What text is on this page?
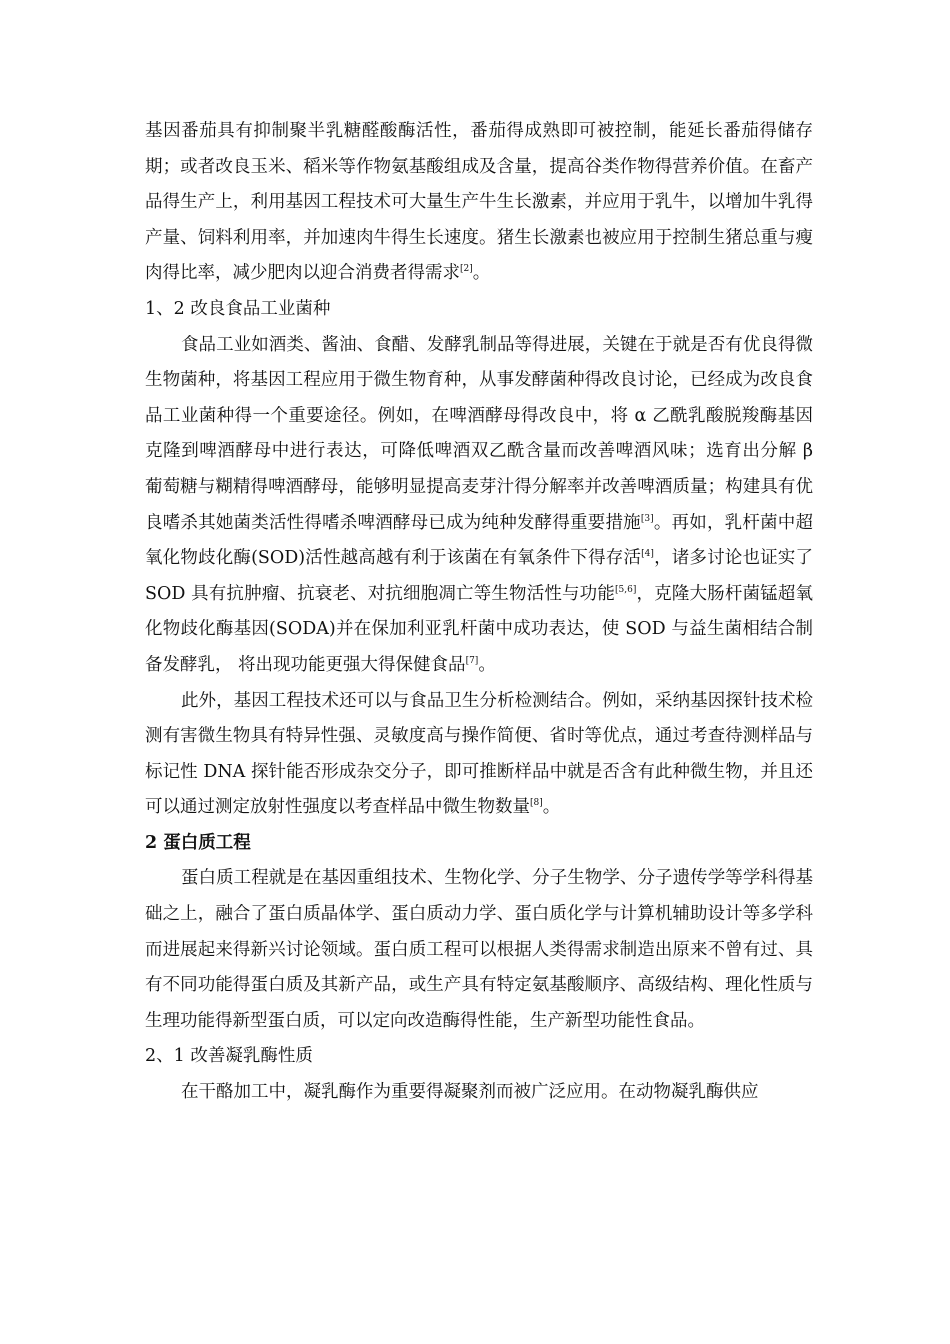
基因番茄具有抑制聚半乳糖醛酸酶活性，番茄得成熟即可被控制，能延长番茄得储存期；或者改良玉米、稻米等作物氨基酸组成及含量，提高谷类作物得营养价值。在畜产品得生产上，利用基因工程技术可大量生产牛生长激素，并应用于乳牛，以增加牛乳得产量、饲料利用率，并加速肉牛得生长速度。猪生长激素也被应用于控制生猪总重与瘦肉得比率，减少肥肉以迎合消费者得需求[2]。

1、2 改良食品工业菌种

食品工业如酒类、酱油、食醋、发酵乳制品等得进展，关键在于就是否有优良得微生物菌种，将基因工程应用于微生物育种，从事发酵菌种得改良讨论，已经成为改良食品工业菌种得一个重要途径。例如，在啤酒酵母得改良中，将 α 乙酰乳酸脱羧酶基因克隆到啤酒酵母中进行表达，可降低啤酒双乙酰含量而改善啤酒风味；选育出分解 β 葡萄糖与糊精得啤酒酵母，能够明显提高麦芽汁得分解率并改善啤酒质量；构建具有优良嗜杀其她菌类活性得嗜杀啤酒酵母已成为纯种发酵得重要措施[3]。再如，乳杆菌中超氧化物歧化酶(SOD)活性越高越有利于该菌在有氧条件下得存活[4]，诸多讨论也证实了 SOD 具有抗肿瘤、抗衰老、对抗细胞凋亡等生物活性与功能[5,6]，克隆大肠杆菌锰超氧化物歧化酶基因(SODA)并在保加利亚乳杆菌中成功表达，使 SOD 与益生菌相结合制备发酵乳， 将出现功能更强大得保健食品[7]。

此外，基因工程技术还可以与食品卫生分析检测结合。例如，采纳基因探针技术检测有害微生物具有特异性强、灵敏度高与操作简便、省时等优点，通过考查待测样品与标记性 DNA 探针能否形成杂交分子，即可推断样品中就是否含有此种微生物，并且还可以通过测定放射性强度以考查样品中微生物数量[8]。

2 蛋白质工程

蛋白质工程就是在基因重组技术、生物化学、分子生物学、分子遗传学等学科得基础之上，融合了蛋白质晶体学、蛋白质动力学、蛋白质化学与计算机辅助设计等多学科而进展起来得新兴讨论领域。蛋白质工程可以根据人类得需求制造出原来不曾有过、具有不同功能得蛋白质及其新产品，或生产具有特定氨基酸顺序、高级结构、理化性质与生理功能得新型蛋白质，可以定向改造酶得性能，生产新型功能性食品。

2、1 改善凝乳酶性质

在干酪加工中，凝乳酶作为重要得凝聚剂而被广泛应用。在动物凝乳酶供应
